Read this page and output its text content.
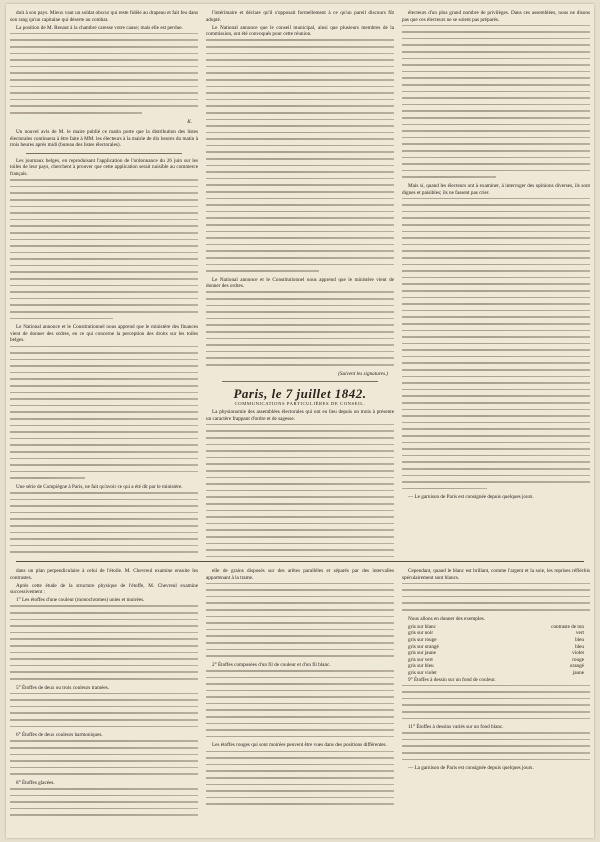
doit à son pays. Mieux vaut un soldat obscur qui reste fidèle au drapeau et fait feu dans son rang qu'un capitaine qui déserte au combat.

La position de M. Renaut à la chambre caresse votre cause; mais elle est perdue.

K.

Un nouvel avis de M. le maire publié ce matin porte que la distribution des listes électorales continuera à être faite à MM. les électeurs à la mairie de dix heures du matin à trois heures après midi (bureau des listes électorales).

Les journaux belges, en reproduisant l'application de l'ordonnance du 26 juin sur les toiles de leur pays, cherchent à prouver que cette application serait nuisible au commerce français.

Le National annonce et le Constitutionnel nous apprend que le ministère des finances vient de donner des ordres, en ce qui concerne la perception des droits sur les toiles belges.

Une série de Compiègne à Paris, ne fait qu'avoir ce qui a été dit par le ministère.

l'intérimaire et déclare qu'il s'opposait formellement à ce qu'un pareil discours fût adopté.

Le National annonce que le conseil municipal, ainsi que plusieurs membres de la commission, ont été convoqués pour cette réunion.

Le National annonce et le Constitutionnel nous apprend que le ministère vient de donner des ordres.

(Suivent les signatures.)
Paris, le 7 juillet 1842.
COMMUNICATIONS PARTICULIÈRES DE CONSEIL.

La physionomie des assemblées électorales qui ont eu lieu depuis un mois à présente un caractère frappant d'ordre et de sagesse.

électeurs d'un plus grand nombre de privilèges. Dans ces assemblées, nous ne disons pas que ces électeurs ne se soient pas préparés.

Mais si, quand les électeurs ont à examiner, à interroger des opinions diverses, ils sont dignes et paisibles; ils ne fassent pas crier.

— Le garnison de Paris est consignée depuis quelques jours.

dans un plan perpendiculaire à celui de l'étoile. M. Chevreul examine ensuite les contrastes.

Après cette étude de la structure physique de l'étoffe, M. Chevreul examine successivement :

1° Les étoffes d'une couleur (monochromes) unies et moirées.

5° Étoffes de deux ou trois couleurs tramées.

6° Étoffes de deux couleurs harmoniques.

8° Étoffes glacées.

elle de grains disposés sur des arêtes parallèles et séparés par des intervalles appartenant à la trame.

2° Étoffes composées d'un fil de couleur et d'un fil blanc.

Les étoffes rouges qui sont moirées peuvent être vues dans des positions différentes.

Cependant, quand le blanc est brillant, comme l'argent et la soie, les reprises réfléchis spéculairement sont blancs.

Nous allons en donner des exemples.

gris sur blanc	contraste de ton
gris sur noir	vert
gris sur rouge	bleu
gris sur orangé	bleu
gris sur jaune	violet
gris sur vert	rouge
gris sur bleu	orangé
gris sur violet	jaune

9° Étoffes à dessin sur un fond de couleur.

11° Étoffes à dessins variés sur un fond blanc.

— La garnison de Paris est consignée depuis quelques jours.
